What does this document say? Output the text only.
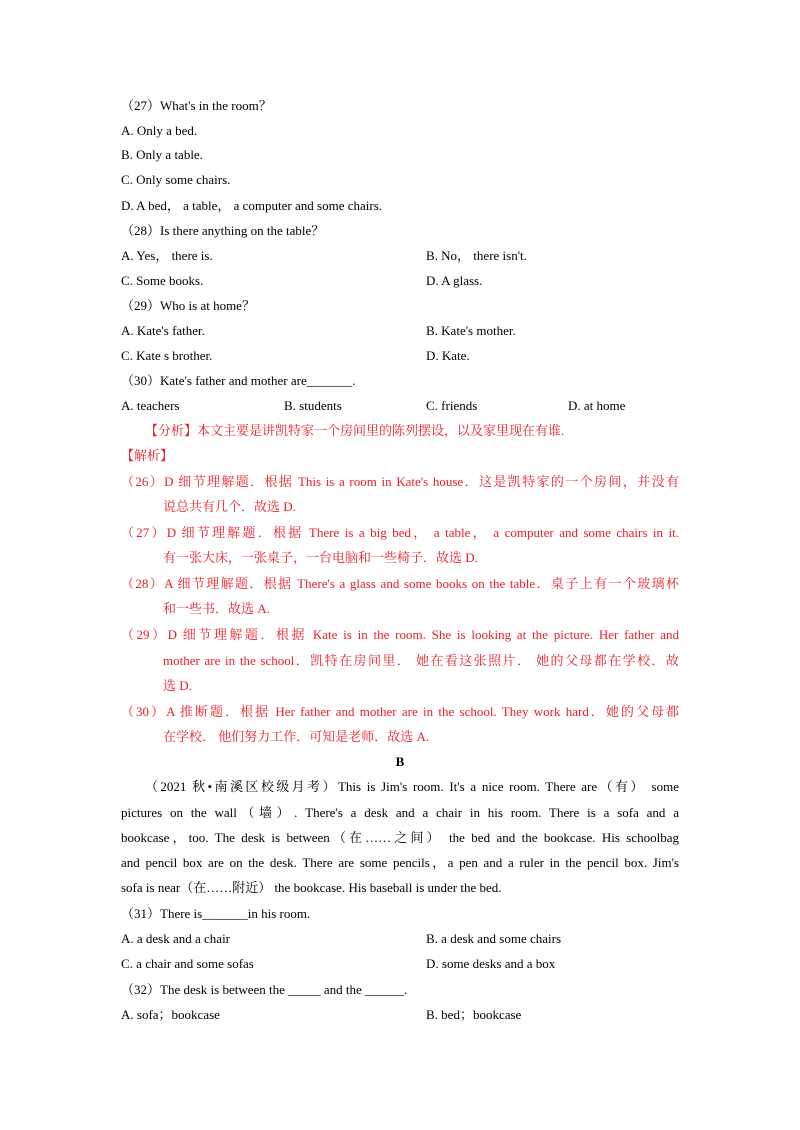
（27）What's in the room？
A. Only a bed.
B. Only a table.
C. Only some chairs.
D. A bed， a table， a computer and some chairs.
（28）Is there anything on the table？
A. Yes， there is.	B. No， there isn't.
C. Some books.	D. A glass.
（29）Who is at home？
A. Kate's father.	B. Kate's mother.
C. Kate s brother.	D. Kate.
（30）Kate's father and mother are_______.
A. teachers	B. students	C. friends	D. at home
【分析】本文主要是讲凯特家一个房间里的陈列摆设，以及家里现在有谁.
【解析】
（26）D 细节理解题．根据 This is a room in Kate's house．这是凯特家的一个房间，并没有
说总共有几个．故选 D.
（27）D 细节理解题．根据 There is a big bed， a table， a computer and some chairs in it.
有一张大床，一张桌子，一台电脑和一些椅子．故选 D.
（28）A 细节理解题．根据 There's a glass and some books on the table．桌子上有一个玻璃杯
和一些书．故选 A.
（29）D 细节理解题．根据 Kate is in the room. She is looking at the picture. Her father and
mother are in the school．凯特在房间里． 她在看这张照片． 她的父母都在学校．故
选 D.
（30）A 推断题．根据 Her father and mother are in the school. They work hard．她的父母都
在学校． 他们努力工作．可知是老师．故选 A.
B
（2021 秋•南溪区校级月考）This is Jim's room. It's a nice room. There are（有） some
pictures on the wall（墙）. There's a desk and a chair in his room. There is a sofa and a
bookcase，too. The desk is between（在……之间） the bed and the bookcase. His schoolbag
and pencil box are on the desk. There are some pencils，a pen and a ruler in the pencil box. Jim's
sofa is near（在……附近） the bookcase. His baseball is under the bed.
（31）There is_______in his room.
A. a desk and a chair	B. a desk and some chairs
C. a chair and some sofas	D. some desks and a box
（32）The desk is between the _____ and the ______.
A. sofa；bookcase	B. bed；bookcase
